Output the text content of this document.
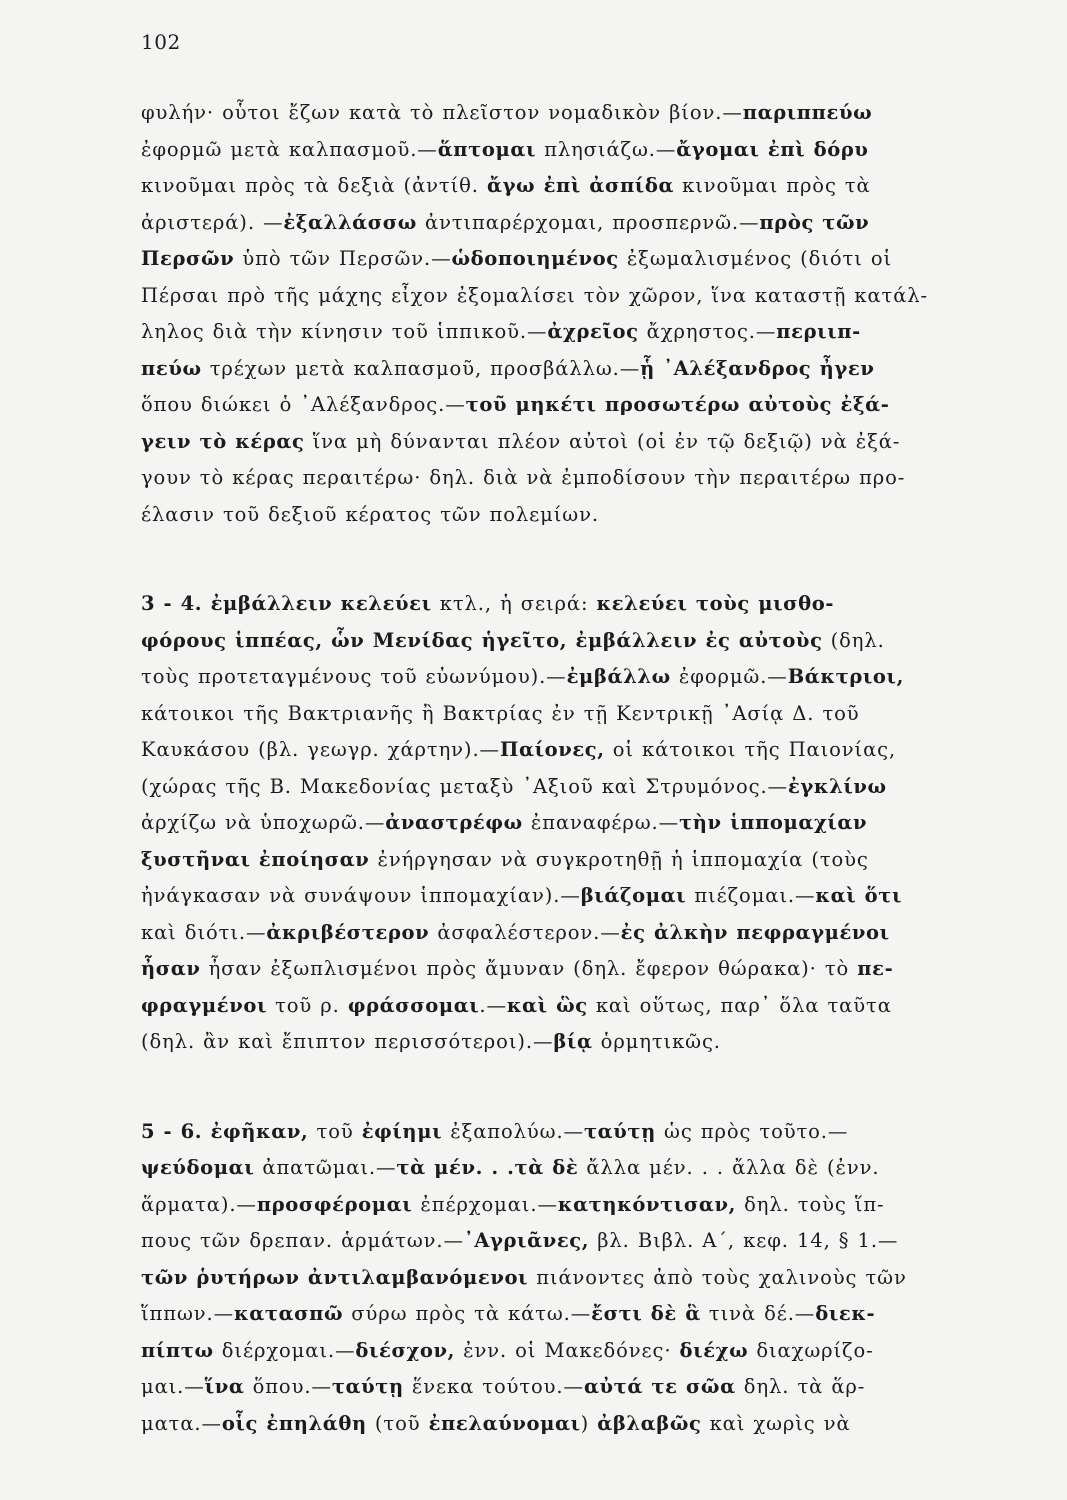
102
φυλήν· οὗτοι ἔζων κατὰ τὸ πλεῖστον νομαδικὸν βίον.—παριππεύω
ἐφορμῶ μετὰ καλπασμοῦ.—ἅπτομαι πλησιάζω.—ἄγομαι ἐπὶ δόρυ
κινοῦμαι πρὸς τὰ δεξιὰ (ἀντίθ. ἄγω ἐπὶ ἀσπίδα κινοῦμαι πρὸς τὰ
ἀριστερά). —ἐξαλλάσσω ἀντιπαρέρχομαι, προσπερνῶ.—πρὸς τῶν
Περσῶν ὑπὸ τῶν Περσῶν.—ὡδοποιημένος ἐξωμαλισμένος (διότι οἱ
Πέρσαι πρὸ τῆς μάχης εἶχον ἐξομαλίσει τὸν χῶρον, ἵνα καταστῇ κατάλ-
ληλος διὰ τὴν κίνησιν τοῦ ἱππικοῦ.—ἀχρεῖος ἄχρηστος.—περιιπ-
πεύω τρέχων μετὰ καλπασμοῦ, προσβάλλω.—ᾗ ᾿Αλέξανδρος ἦγεν
ὅπου διώκει ὁ ᾿Αλέξανδρος.—τοῦ μηκέτι προσωτέρω αὐτοὺς ἐξά-
γειν τὸ κέρας ἵνα μὴ δύνανται πλέον αὐτοὶ (οἱ ἐν τῷ δεξιῷ) νὰ ἐξά-
γουν τὸ κέρας περαιτέρω· δηλ. διὰ νὰ ἐμποδίσουν τὴν περαιτέρω προ-
έλασιν τοῦ δεξιοῦ κέρατος τῶν πολεμίων.
3 - 4. ἐμβάλλειν κελεύει κτλ., ἡ σειρά: κελεύει τοὺς μισθο-
φόρους ἱππέας, ὧν Μενίδας ἡγεῖτο, ἐμβάλλειν ἐς αὐτοὺς (δηλ.
τοὺς προτεταγμένους τοῦ εὐωνύμου).—ἐμβάλλω ἐφορμῶ.—Βάκτριοι,
κάτοικοι τῆς Βακτριανῆς ἢ Βακτρίας ἐν τῇ Κεντρικῇ ᾿Ασίᾳ Δ. τοῦ
Καυκάσου (βλ. γεωγρ. χάρτην).—Παίονες, οἱ κάτοικοι τῆς Παιονίας,
(χώρας τῆς Β. Μακεδονίας μεταξὺ ᾿Αξιοῦ καὶ Στρυμόνος.—ἐγκλίνω
ἀρχίζω νὰ ὑποχωρῶ.—ἀναστρέφω ἐπαναφέρω.—τὴν ἱππομαχίαν
ξυστῆναι ἐποίησαν ἐνήργησαν νὰ συγκροτηθῇ ἡ ἱππομαχία (τοὺς
ἠνάγκασαν νὰ συνάψουν ἱππομαχίαν).—βιάζομαι πιέζομαι.—καὶ ὅτι
καὶ διότι.—ἀκριβέστερον ἀσφαλέστερον.—ἐς ἀλκὴν πεφραγμένοι
ἦσαν ἦσαν ἐξωπλισμένοι πρὸς ἄμυναν (δηλ. ἔφερον θώρακα)· τὸ πε-
φραγμένοι τοῦ ρ. φράσσομαι.—καὶ ὣς καὶ οὕτως, παρ᾿ ὅλα ταῦτα
(δηλ. ἂν καὶ ἔπιπτον περισσότεροι).—βίᾳ ὁρμητικῶς.
5 - 6. ἐφῆκαν, τοῦ ἐφίημι ἐξαπολύω.—ταύτῃ ὡς πρὸς τοῦτο.—
ψεύδομαι ἀπατῶμαι.—τὰ μέν. . .τὰ δὲ ἄλλα μέν. . . ἄλλα δὲ (ἐνν.
ἅρματα).—προσφέρομαι ἐπέρχομαι.—κατηκόντισαν, δηλ. τοὺς ἵπ-
πους τῶν δρεπαν. ἁρμάτων.—᾿Αγριᾶνες, βλ. Βιβλ. Α΄, κεφ. 14, § 1.—
τῶν ῥυτήρων ἀντιλαμβανόμενοι πιάνοντες ἀπὸ τοὺς χαλινοὺς τῶν
ἵππων.—κατασπῶ σύρω πρὸς τὰ κάτω.—ἔστι δὲ ἃ τινὰ δέ.—διεκ-
πίπτω διέρχομαι.—διέσχον, ἐνν. οἱ Μακεδόνες· διέχω διαχωρίζο-
μαι.—ἵνα ὅπου.—ταύτῃ ἕνεκα τούτου.—αὐτά τε σῶα δηλ. τὰ ἅρ-
ματα.—οἷς ἐπηλάθη (τοῦ ἐπελαύνομαι) ἀβλαβῶς καὶ χωρὶς νὰ
